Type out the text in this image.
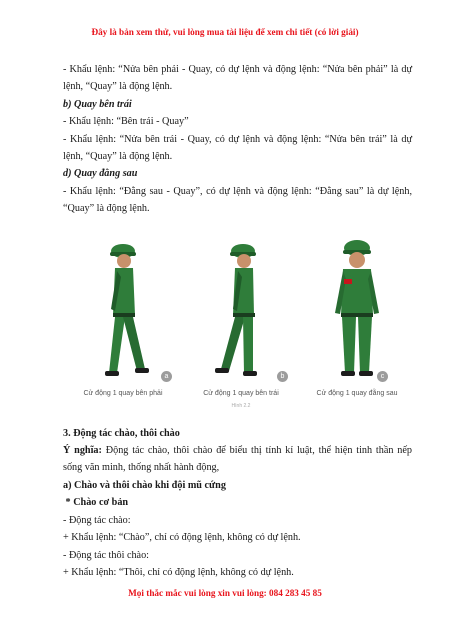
Đây là bản xem thử, vui lòng mua tài liệu để xem chi tiết (có lời giải)

- Khẩu lệnh: “Nửa bên phải - Quay, có dự lệnh và động lệnh: “Nửa bên phải” là dự lệnh, “Quay” là động lệnh.

b) Quay bên trái

- Khẩu lệnh: “Bên trái - Quay”

- Khẩu lệnh: “Nửa bên trái - Quay, có dự lệnh và động lệnh: “Nửa bên trái” là dự lệnh, “Quay” là động lệnh.

d) Quay đằng sau

- Khẩu lệnh: “Đằng sau - Quay”, có dự lệnh và động lệnh: “Đằng sau” là dự lệnh, “Quay” là động lệnh.

a
Cử động 1 quay bên phải
b
Cử động 1 quay bên trái
Hình 2.2
c
Cử động 1 quay đằng sau

3. Động tác chào, thôi chào

Ý nghĩa: Động tác chào, thôi chào để biểu thị tính kỉ luật, thể hiện tinh thần nếp sống văn minh, thống nhất hành động,

a) Chào và thôi chào khi đội mũ cứng

* Chào cơ bản

- Động tác chào:

+ Khẩu lệnh: “Chào”, chỉ có động lệnh, không có dự lệnh.

- Động tác thôi chào:

+ Khẩu lệnh: “Thôi, chỉ có động lệnh, không có dự lệnh.

Mọi thắc mắc vui lòng xin vui lòng: 084 283 45 85
